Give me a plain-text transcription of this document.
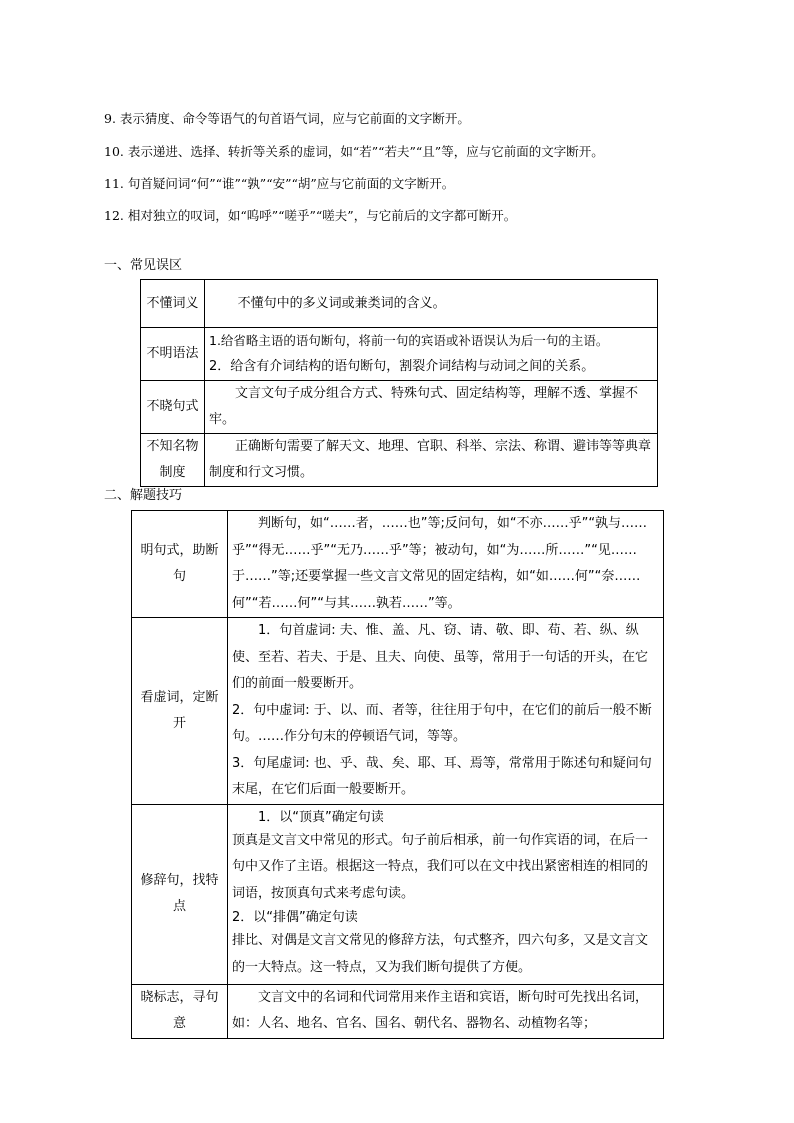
9. 表示猜度、命令等语气的句首语气词，应与它前面的文字断开。
10. 表示递进、选择、转折等关系的虚词，如“若”“若夫”“且”等，应与它前面的文字断开。
11. 句首疑问词“何”“谁”“孰”“安”“胡”应与它前面的文字断开。
12. 相对独立的叹词，如“呜呼”“嗟乎”“嗟夫”，与它前后的文字都可断开。
一、常见误区
不懂词义	不懂句中的多义词或兼类词的含义。

不明语法	1.给省略主语的语句断句，将前一句的宾语或补语误认为后一句的主语。

2．给含有介词结构的语句断句，割裂介词结构与动词之间的关系。

不晓句式	文言文句子成分组合方式、特殊句式、固定结构等，理解不透、掌握不牢。

不知名物制度	正确断句需要了解天文、地理、官职、科举、宗法、称谓、避讳等等典章制度和行文习惯。

二、解题技巧
明句式，助断句	判断句，如“……者，……也”等;反问句，如“不亦……乎”“孰与……乎”“得无……乎”“无乃……乎”等；被动句，如“为……所……”“见……于……”等;还要掌握一些文言文常见的固定结构，如“如……何”“奈……何”“若……何”“与其……孰若……”等。

看虚词，定断开	1．句首虚词: 夫、惟、盖、凡、窃、请、敬、即、苟、若、纵、纵使、至若、若夫、于是、且夫、向使、虽等，常用于一句话的开头，在它们的前面一般要断开。

2．句中虚词: 于、以、而、者等，往往用于句中，在它们的前后一般不断句。……作分句末的停顿语气词，等等。

3．句尾虚词: 也、乎、哉、矣、耶、耳、焉等，常常用于陈述句和疑问句末尾，在它们后面一般要断开。

修辞句，找特点	1．以“顶真”确定句读

顶真是文言文中常见的形式。句子前后相承，前一句作宾语的词，在后一句中又作了主语。根据这一特点，我们可以在文中找出紧密相连的相同的词语，按顶真句式来考虑句读。

2．以“排偶”确定句读

排比、对偶是文言文常见的修辞方法，句式整齐，四六句多，又是文言文的一大特点。这一特点，又为我们断句提供了方便。

晓标志，寻句意	文言文中的名词和代词常用来作主语和宾语，断句时可先找出名词，如：人名、地名、官名、国名、朝代名、器物名、动植物名等；
